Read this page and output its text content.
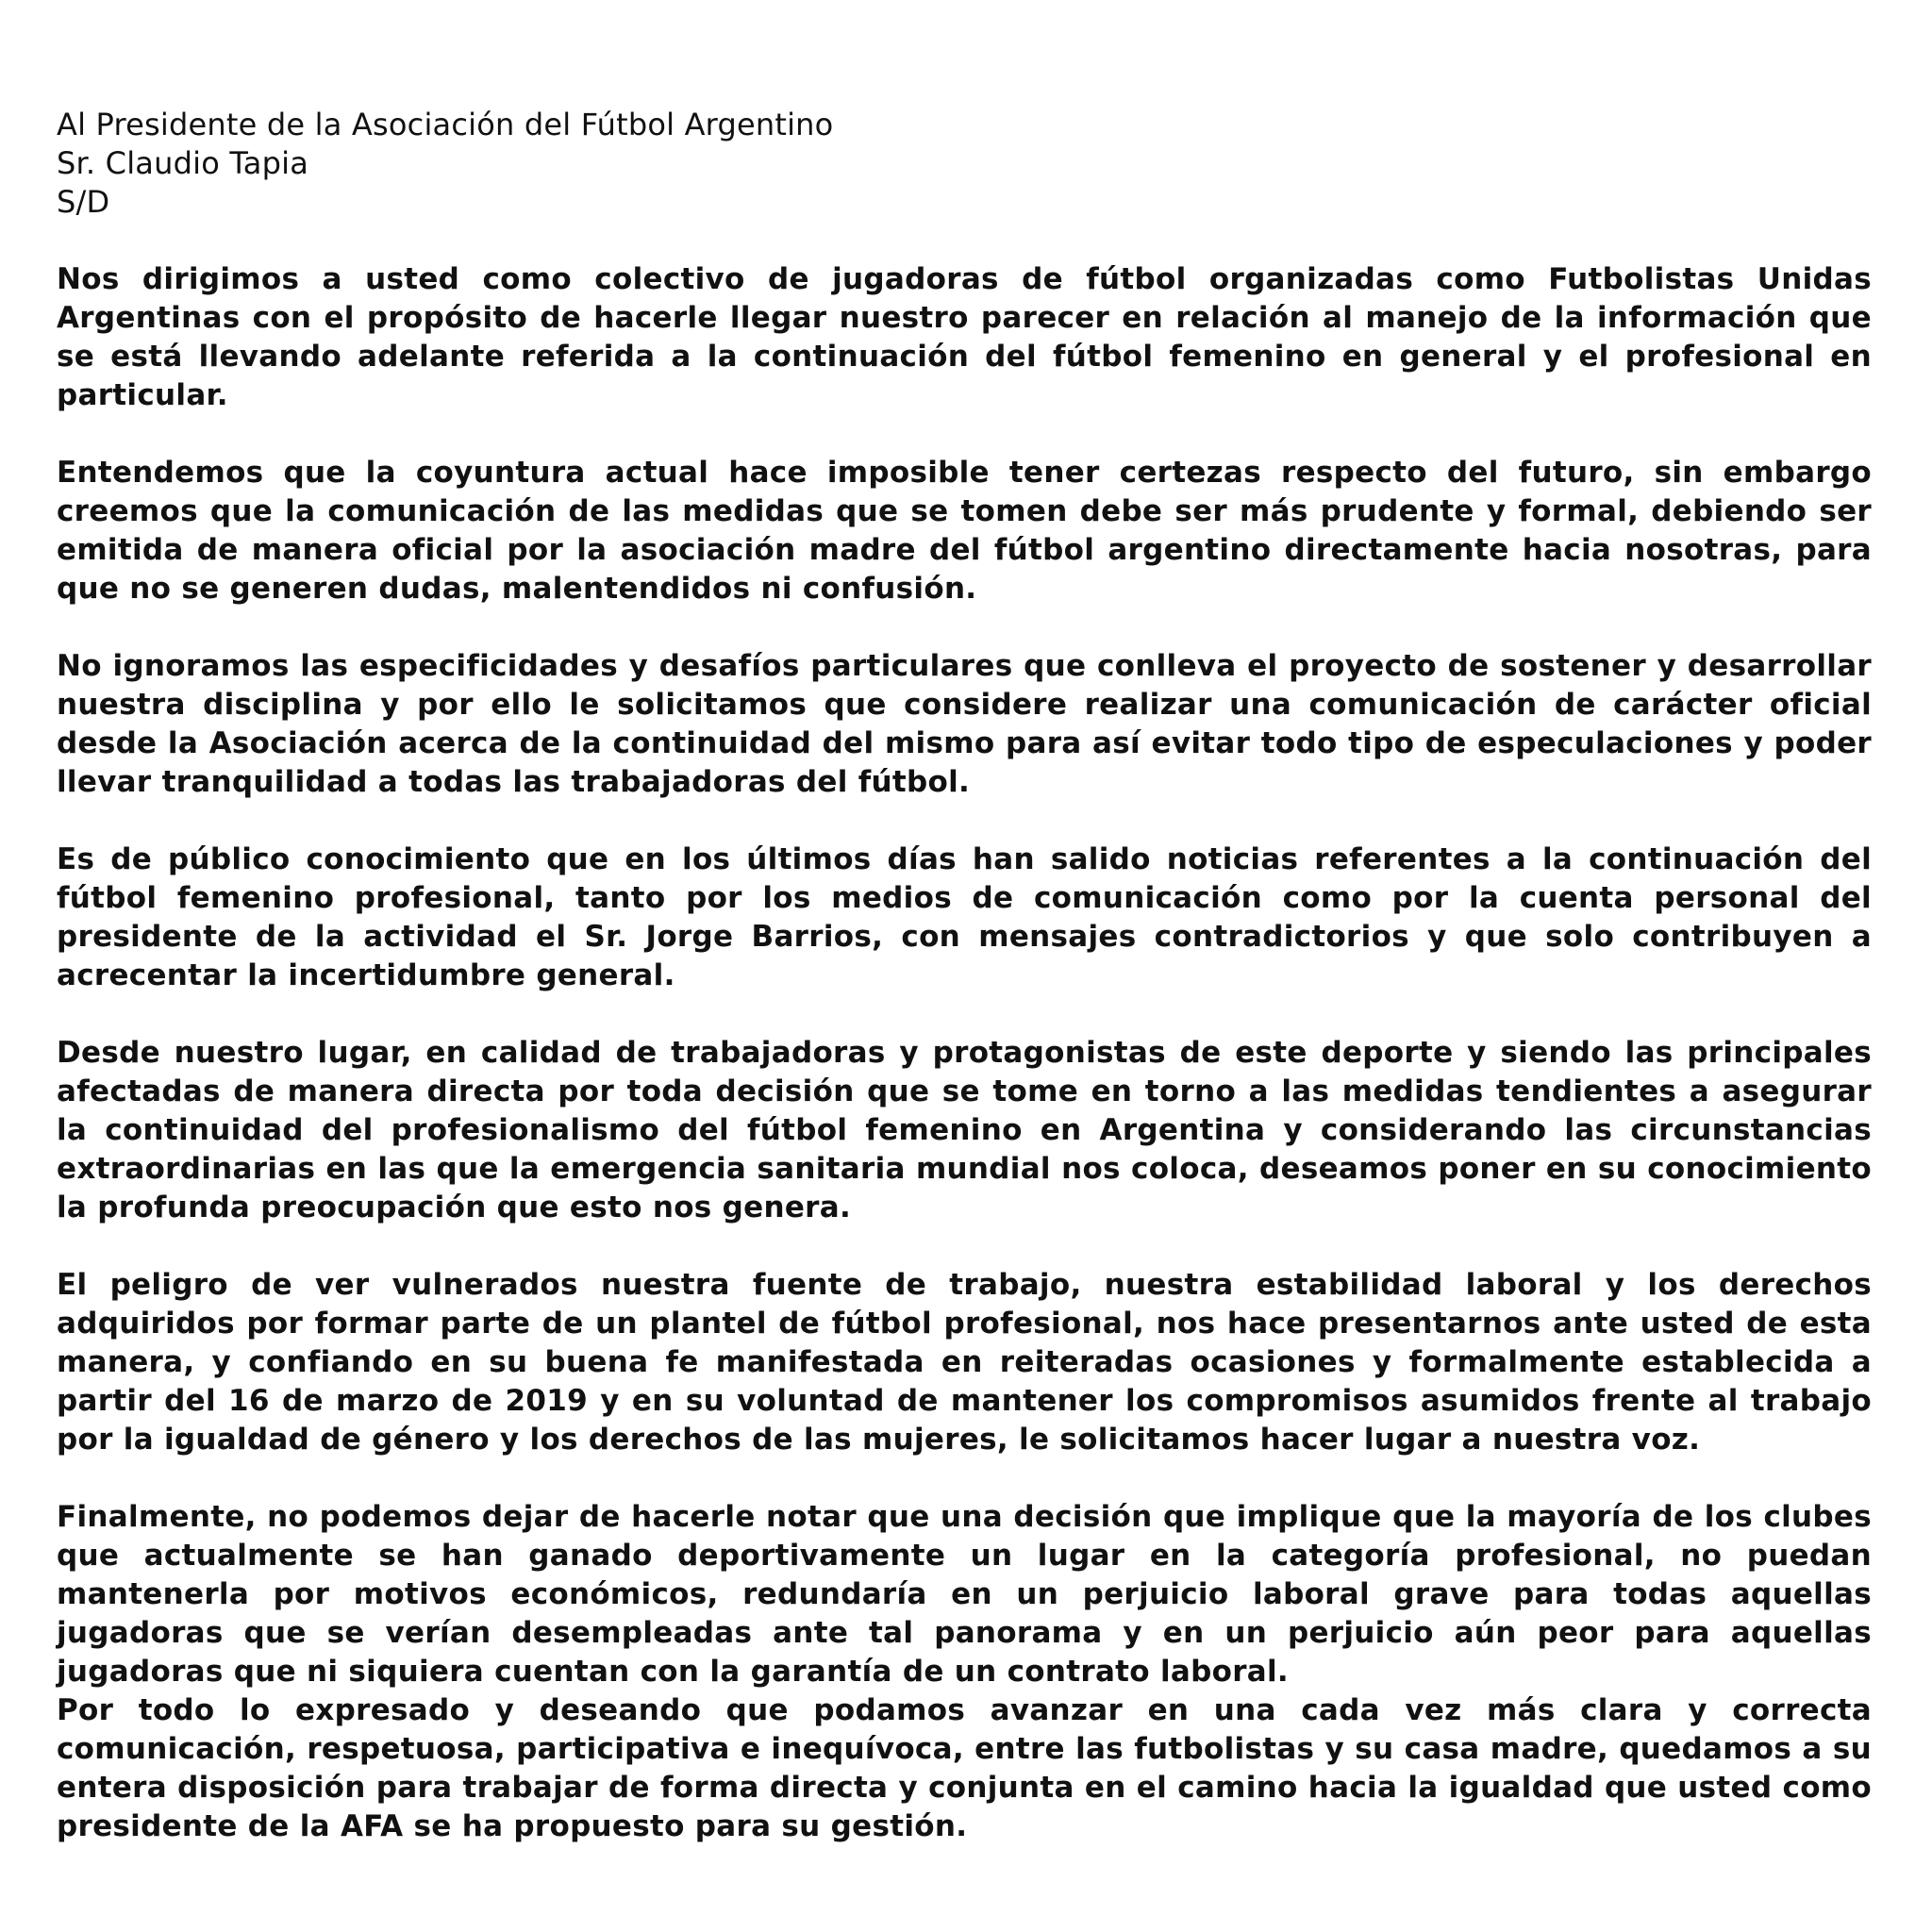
Al Presidente de la Asociación del Fútbol Argentino

Sr. Claudio Tapia

S/D

Nos dirigimos a usted como colectivo de jugadoras de fútbol organizadas como Futbolistas Unidas Argentinas con el propósito de hacerle llegar nuestro parecer en relación al manejo de la información que se está llevando adelante referida a la continuación del fútbol femenino en general y el profesional en particular.

Entendemos que la coyuntura actual hace imposible tener certezas respecto del futuro, sin embargo creemos que la comunicación de las medidas que se tomen debe ser más prudente y formal, debiendo ser emitida de manera oficial por la asociación madre del fútbol argentino directamente hacia nosotras, para que no se generen dudas, malentendidos ni confusión.

No ignoramos las especificidades y desafíos particulares que conlleva el proyecto de sostener y desarrollar nuestra disciplina y por ello le solicitamos que considere realizar una comunicación de carácter oficial desde la Asociación acerca de la continuidad del mismo para así evitar todo tipo de especulaciones y poder llevar tranquilidad a todas las trabajadoras del fútbol.

Es de público conocimiento que en los últimos días han salido noticias referentes a la continuación del fútbol femenino profesional, tanto por los medios de comunicación como por la cuenta personal del presidente de la actividad el Sr. Jorge Barrios, con mensajes contradictorios y que solo contribuyen a acrecentar la incertidumbre general.

Desde nuestro lugar, en calidad de trabajadoras y protagonistas de este deporte y siendo las principales afectadas de manera directa por toda decisión que se tome en torno a las medidas tendientes a asegurar la continuidad del profesionalismo del fútbol femenino en Argentina y considerando las circunstancias extraordinarias en las que la emergencia sanitaria mundial nos coloca, deseamos poner en su conocimiento la profunda preocupación que esto nos genera.

El peligro de ver vulnerados nuestra fuente de trabajo, nuestra estabilidad laboral y los derechos adquiridos por formar parte de un plantel de fútbol profesional, nos hace presentarnos ante usted de esta manera, y confiando en su buena fe manifestada en reiteradas ocasiones y formalmente establecida a partir del 16 de marzo de 2019 y en su voluntad de mantener los compromisos asumidos frente al trabajo por la igualdad de género y los derechos de las mujeres, le solicitamos hacer lugar a nuestra voz.

Finalmente, no podemos dejar de hacerle notar que una decisión que implique que la mayoría de los clubes que actualmente se han ganado deportivamente un lugar en la categoría profesional, no puedan mantenerla por motivos económicos, redundaría en un perjuicio laboral grave para todas aquellas jugadoras que se verían desempleadas ante tal panorama y en un perjuicio aún peor para aquellas jugadoras que ni siquiera cuentan con la garantía de un contrato laboral.

Por todo lo expresado y deseando que podamos avanzar en una cada vez más clara y correcta comunicación, respetuosa, participativa e inequívoca, entre las futbolistas y su casa madre, quedamos a su entera disposición para trabajar de forma directa y conjunta en el camino hacia la igualdad que usted como presidente de la AFA se ha propuesto para su gestión.
